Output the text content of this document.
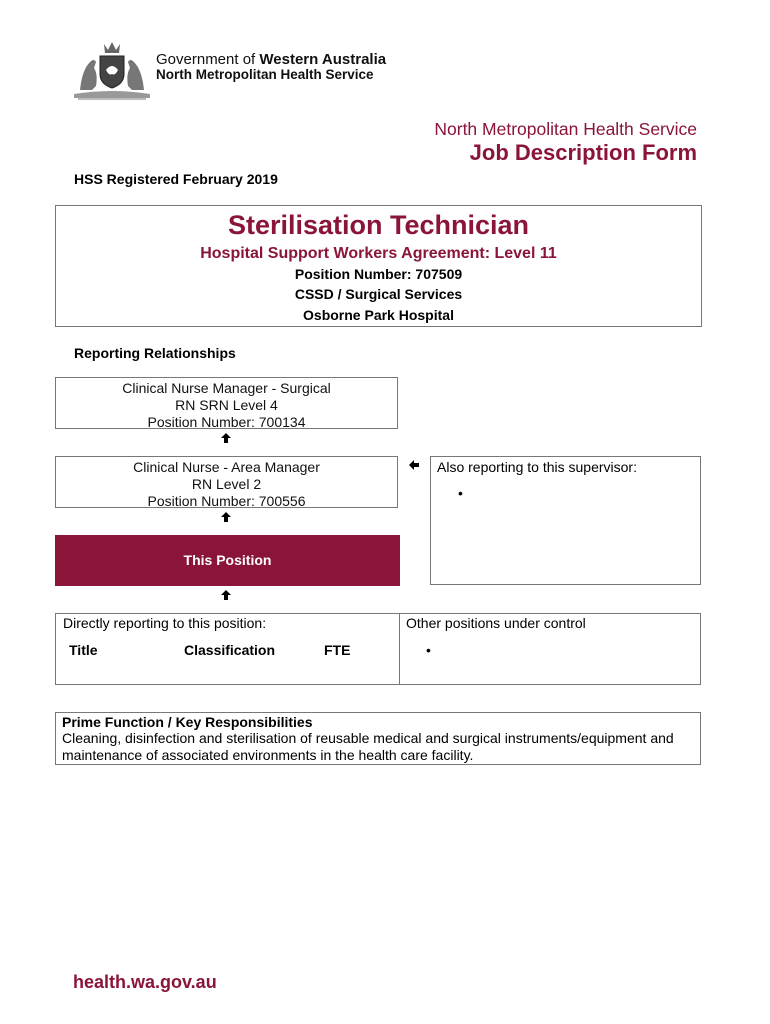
Government of Western Australia
North Metropolitan Health Service
North Metropolitan Health Service
Job Description Form
HSS Registered February 2019
Sterilisation Technician
Hospital Support Workers Agreement: Level 11
Position Number: 707509
CSSD / Surgical Services
Osborne Park Hospital
Reporting Relationships
Clinical Nurse Manager - Surgical
RN SRN Level 4
Position Number: 700134
Clinical Nurse - Area Manager
RN Level 2
Position Number: 700556
This Position
Also reporting to this supervisor:
•
Directly reporting to this position:	Other positions under control
Title	Classification	FTE	•
Prime Function / Key Responsibilities
Cleaning, disinfection and sterilisation of reusable medical and surgical instruments/equipment and maintenance of associated environments in the health care facility.
health.wa.gov.au
